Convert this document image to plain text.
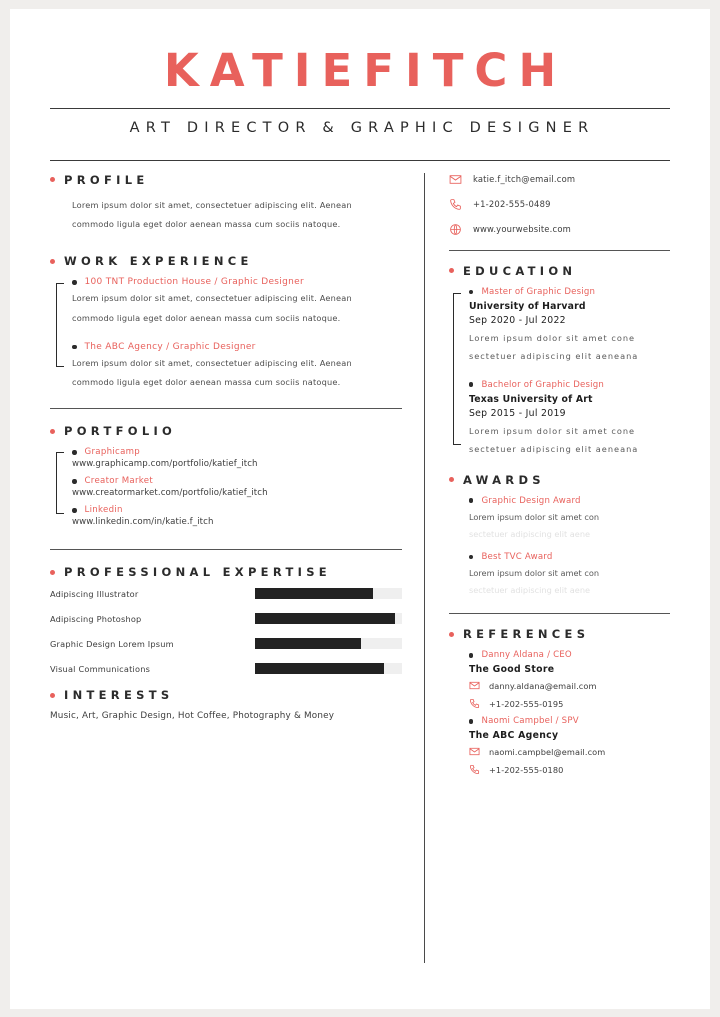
KATIEFITCH
ART DIRECTOR & GRAPHIC DESIGNER
PROFILE
Lorem ipsum dolor sit amet, consectetuer adipiscing elit. Aenean
commodo ligula eget dolor aenean massa cum sociis natoque.
WORK EXPERIENCE
100 TNT Production House / Graphic Designer
Lorem ipsum dolor sit amet, consectetuer adipiscing elit. Aenean
commodo ligula eget dolor aenean massa cum sociis natoque.
The ABC Agency / Graphic Designer
Lorem ipsum dolor sit amet, consectetuer adipiscing elit. Aenean
commodo ligula eget dolor aenean massa cum sociis natoque.
PORTFOLIO
Graphicamp
www.graphicamp.com/portfolio/katief_itch
Creator Market
www.creatormarket.com/portfolio/katief_itch
Linkedin
www.linkedin.com/in/katie.f_itch
PROFESSIONAL EXPERTISE
Adipiscing Illustrator
Adipiscing Photoshop
Graphic Design Lorem Ipsum
Visual Communications
INTERESTS
Music, Art, Graphic Design, Hot Coffee, Photography & Money
katie.f_itch@email.com
+1-202-555-0489
www.yourwebsite.com
EDUCATION
Master of Graphic Design
University of Harvard
Sep 2020 - Jul 2022
Lorem ipsum dolor sit amet cone
sectetuer adipiscing elit aeneana
Bachelor of Graphic Design
Texas University of Art
Sep 2015 - Jul 2019
Lorem ipsum dolor sit amet cone
sectetuer adipiscing elit aeneana
AWARDS
Graphic Design Award
Lorem ipsum dolor sit amet con
sectetuer adipiscing elit aene
Best TVC Award
Lorem ipsum dolor sit amet con
sectetuer adipiscing elit aene
REFERENCES
Danny Aldana / CEO
The Good Store
danny.aldana@email.com
+1-202-555-0195
Naomi Campbel / SPV
The ABC Agency
naomi.campbel@email.com
+1-202-555-0180
